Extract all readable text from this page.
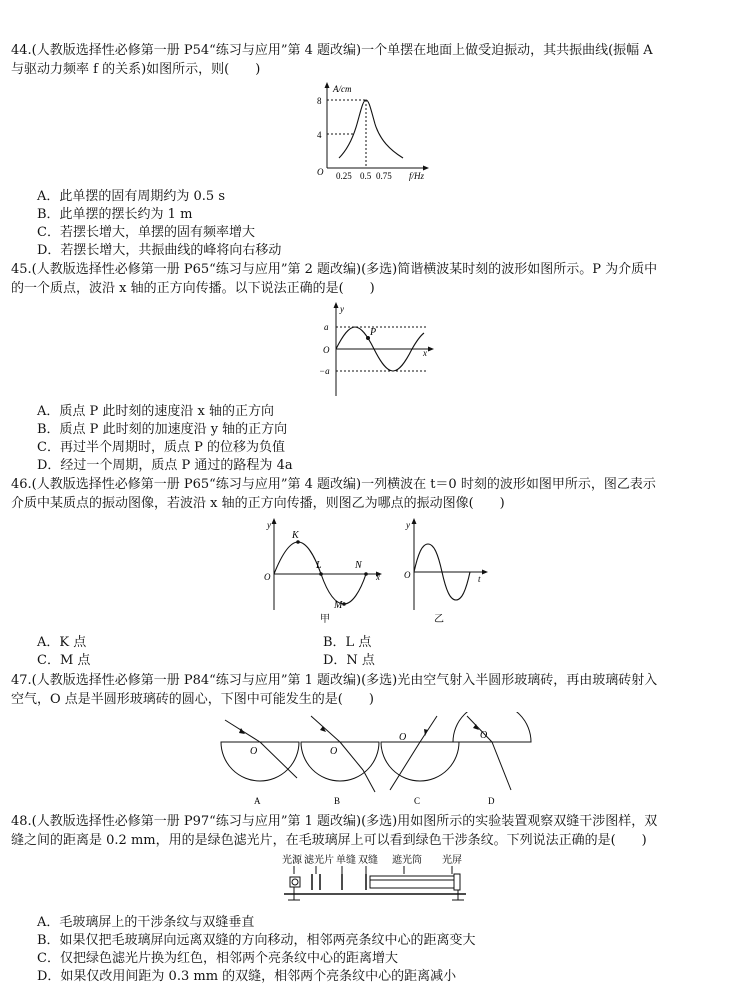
44.(人教版选择性必修第一册 P54“练习与应用”第 4 题改编)一个单摆在地面上做受迫振动，其共振曲线(振幅 A
与驱动力频率 f 的关系)如图所示，则(　　)
A/cm
8
4
O 0.25 0.5 0.75 f/Hz
A．此单摆的固有周期约为 0.5 s
B．此单摆的摆长约为 1 m
C．若摆长增大，单摆的固有频率增大
D．若摆长增大，共振曲线的峰将向右移动
45.(人教版选择性必修第一册 P65“练习与应用”第 2 题改编)(多选)简谐横波某时刻的波形如图所示。P 为介质中
的一个质点，波沿 x 轴的正方向传播。以下说法正确的是(　　)
P
y
a
O
−a
x
A．质点 P 此时刻的速度沿 x 轴的正方向
B．质点 P 此时刻的加速度沿 y 轴的正方向
C．再过半个周期时，质点 P 的位移为负值
D．经过一个周期，质点 P 通过的路程为 4a
46.(人教版选择性必修第一册 P65“练习与应用”第 4 题改编)一列横波在 t＝0 时刻的波形如图甲所示，图乙表示
介质中某质点的振动图像，若波沿 x 轴的正方向传播，则图乙为哪点的振动图像(　　)
y
O
K
L
M
N
x
甲
y
O	t
乙
A．K 点	B．L 点
C．M 点	D．N 点
47.(人教版选择性必修第一册 P84“练习与应用”第 1 题改编)(多选)光由空气射入半圆形玻璃砖，再由玻璃砖射入
空气，O 点是半圆形玻璃砖的圆心，下图中可能发生的是(　　)
O	O
O	O
A	B	C	D
48.(人教版选择性必修第一册 P97“练习与应用”第 1 题改编)(多选)用如图所示的实验装置观察双缝干涉图样，双
缝之间的距离是 0.2 mm，用的是绿色滤光片，在毛玻璃屏上可以看到绿色干涉条纹。下列说法正确的是(　　)
光源 滤光片 单缝 双缝 遮光筒 光屏
A．毛玻璃屏上的干涉条纹与双缝垂直
B．如果仅把毛玻璃屏向远离双缝的方向移动，相邻两亮条纹中心的距离变大
C．仅把绿色滤光片换为红色，相邻两个亮条纹中心的距离增大
D．如果仅改用间距为 0.3 mm 的双缝，相邻两个亮条纹中心的距离减小
